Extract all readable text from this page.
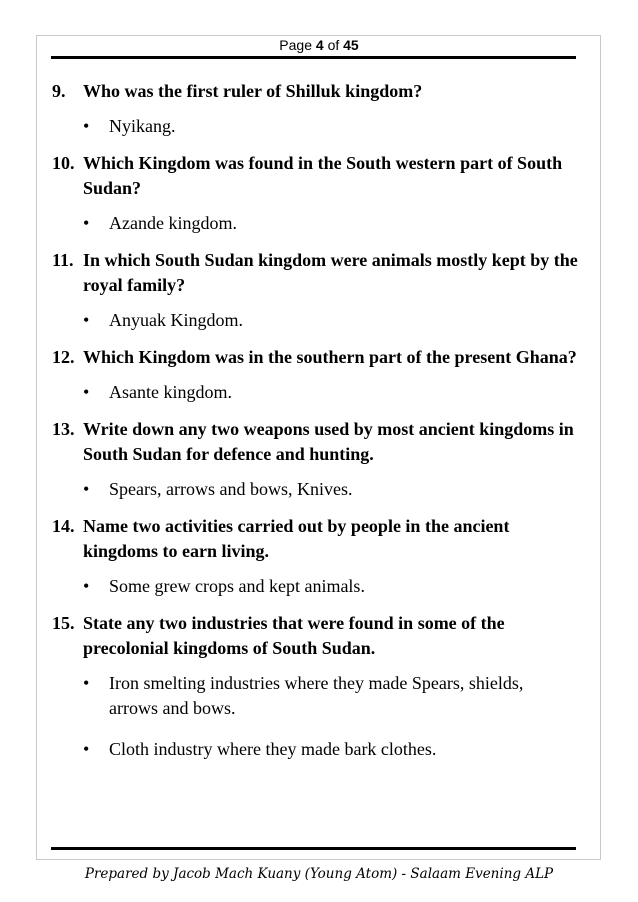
Page 4 of 45
9. Who was the first ruler of Shilluk kingdom?
•	Nyikang.
10. Which Kingdom was found in the South western part of South Sudan?
•	Azande kingdom.
11. In which South Sudan kingdom were animals mostly kept by the royal family?
•	Anyuak Kingdom.
12. Which Kingdom was in the southern part of the present Ghana?
•	Asante kingdom.
13. Write down any two weapons used by most ancient kingdoms in South Sudan for defence and hunting.
•	Spears, arrows and bows, Knives.
14. Name two activities carried out by people in the ancient kingdoms to earn living.
•	Some grew crops and kept animals.
15. State any two industries that were found in some of the precolonial kingdoms of South Sudan.
•	Iron smelting industries where they made Spears, shields, arrows and bows.
•	Cloth industry where they made bark clothes.
Prepared by Jacob Mach Kuany (Young Atom) - Salaam Evening ALP
